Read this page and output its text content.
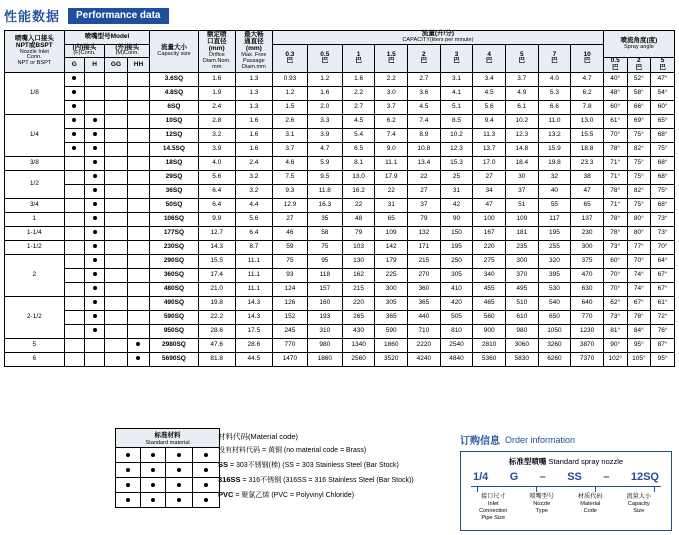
性能数据	Performance data
喷嘴入口接头
NPT或BSPT
Nozzle Inlet
Conn.
NPT or BSPT

喷嘴型号Model

流量大小
Capacity size

额定喷
口直径
(mm)
Orifice
Diam.Nom.
mm

最大畅
通直径
(mm)
Max. Free
Passage
Diam.mm

流量(升/分)
CAPACITY(liters per minute)	喷流角度(度)
Spray angle

	(内)接头
(F)Conn.		(外)接头
(M)Conn.					0.3
巴	0.5
巴	1
巴	1.5
巴	2
巴	3
巴	4
巴	5
巴	7
巴	10
巴			

	G	H	GG	HH														0.5
巴	2
巴	5
巴

1/8					3.6SQ	1.6	1.3	0.93	1.2	1.6	2.2	2.7	3.1	3.4	3.7	4.0	4.7	40°	52°	47°
					4.8SQ	1.9	1.3	1.2	1.6	2.2	3.0	3.6	4.1	4.5	4.9	5.3	6.2	48°	58°	54°
					6SQ	2.4	1.3	1.5	2.0	2.7	3.7	4.5	5.1	5.6	6.1	6.6	7.8	60°	66°	60°
1/4					10SQ	2.8	1.6	2.6	3.3	4.5	6.2	7.4	8.5	9.4	10.2	11.0	13.0	61°	69°	65°
					12SQ	3.2	1.6	3.1	3.9	5.4	7.4	8.9	10.2	11.3	12.3	13.2	15.5	70°	75°	68°
					14.5SQ	3.9	1.6	3.7	4.7	6.5	9.0	10.8	12.3	13.7	14.8	15.9	18.8	78°	82°	75°
3/8					18SQ	4.0	2.4	4.6	5.9	8.1	11.1	13.4	15.3	17.0	18.4	19.8	23.3	71°	75°	68°
1/2					29SQ	5.6	3.2	7.5	9.5	13.0	17.9	22	25	27	30	32	38	71°	75°	68°
					36SQ	6.4	3.2	9.3	11.8	16.2	22	27	31	34	37	40	47	78°	82°	75°
3/4					50SQ	6.4	4.4	12.9	16.3	22	31	37	42	47	51	55	65	71°	75°	68°
1					106SQ	9.9	5.6	27	35	48	65	79	90	100	109	117	137	78°	80°	73°
1-1/4					177SQ	12.7	6.4	46	58	79	109	132	150	167	181	195	230	78°	80°	73°
1-1/2					230SQ	14.3	8.7	59	75	103	142	171	195	220	235	255	300	73°	77°	70°
2					290SQ	15.5	11.1	75	95	130	179	215	250	275	300	320	375	60°	70°	64°
					360SQ	17.4	11.1	93	118	162	225	270	305	340	370	395	470	70°	74°	67°
					480SQ	21.0	11.1	124	157	215	300	360	410	455	495	530	630	70°	74°	67°
2-1/2					490SQ	19.8	14.3	126	160	220	305	365	420	465	510	540	640	62°	67°	61°
					590SQ	22.2	14.3	152	193	265	365	440	505	560	610	650	770	73°	78°	72°
					950SQ	28.6	17.5	245	310	430	590	710	810	900	980	1050	1230	81°	84°	76°
5					2980SQ	47.6	28.6	770	980	1340	1860	2220	2540	2810	3060	3260	3870	90°	95°	87°
6					5690SQ	81.8	44.5	1470	1860	2560	3520	4240	4840	5360	5830	6260	7370	102°	105°	95°
标准材料
Standard material			

材料代码(Material code)
没有材料代码 = 黄铜 (no material code = Brass)
SS = 303不锈钢(棒) (SS = 303 Stainless Steel (Bar Stock)
316SS = 316不锈钢 (316SS = 316 Stainless Steel (Bar Stock))
PVC = 聚氯乙烯 (PVC = Polyvinyl Chloride)
订购信息 Order information
标准型喷嘴 Standard spray nozzle
1/4 G – SS – 12SQ
接口尺寸
Inlet
Connection
Pipe Size
喷嘴型号
Nozzle
Type
材质代码
Material
Code
流量大小
Capacity
Size
